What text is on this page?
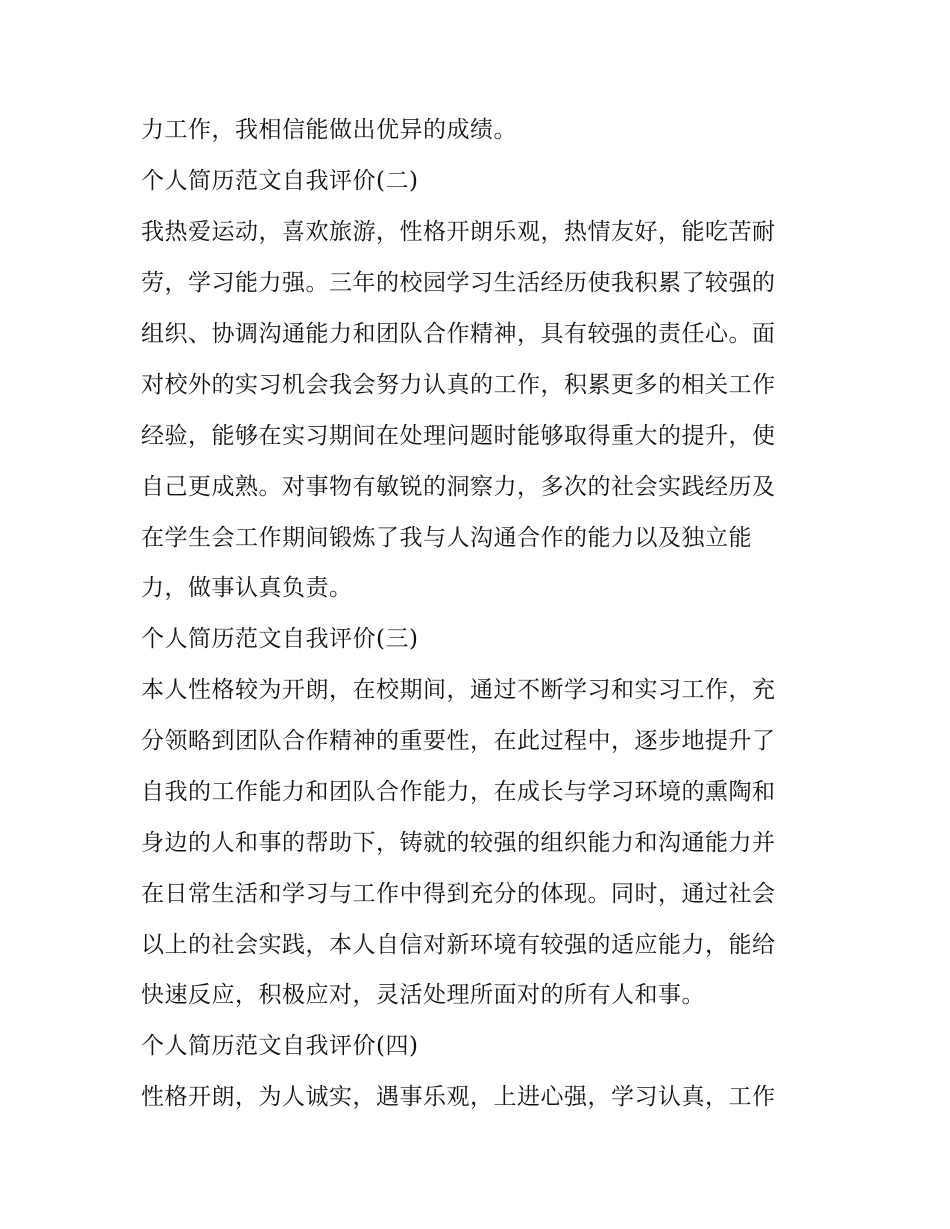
力工作，我相信能做出优异的成绩。
个人简历范文自我评价(二)
我热爱运动，喜欢旅游，性格开朗乐观，热情友好，能吃苦耐
劳，学习能力强。三年的校园学习生活经历使我积累了较强的
组织、协调沟通能力和团队合作精神，具有较强的责任心。面
对校外的实习机会我会努力认真的工作，积累更多的相关工作
经验，能够在实习期间在处理问题时能够取得重大的提升，使
自己更成熟。对事物有敏锐的洞察力，多次的社会实践经历及
在学生会工作期间锻炼了我与人沟通合作的能力以及独立能
力，做事认真负责。
个人简历范文自我评价(三)
本人性格较为开朗，在校期间，通过不断学习和实习工作，充
分领略到团队合作精神的重要性，在此过程中，逐步地提升了
自我的工作能力和团队合作能力，在成长与学习环境的熏陶和
身边的人和事的帮助下，铸就的较强的组织能力和沟通能力并
在日常生活和学习与工作中得到充分的体现。同时，通过社会
以上的社会实践，本人自信对新环境有较强的适应能力，能给
快速反应，积极应对，灵活处理所面对的所有人和事。
个人简历范文自我评价(四)
性格开朗，为人诚实，遇事乐观，上进心强，学习认真，工作
